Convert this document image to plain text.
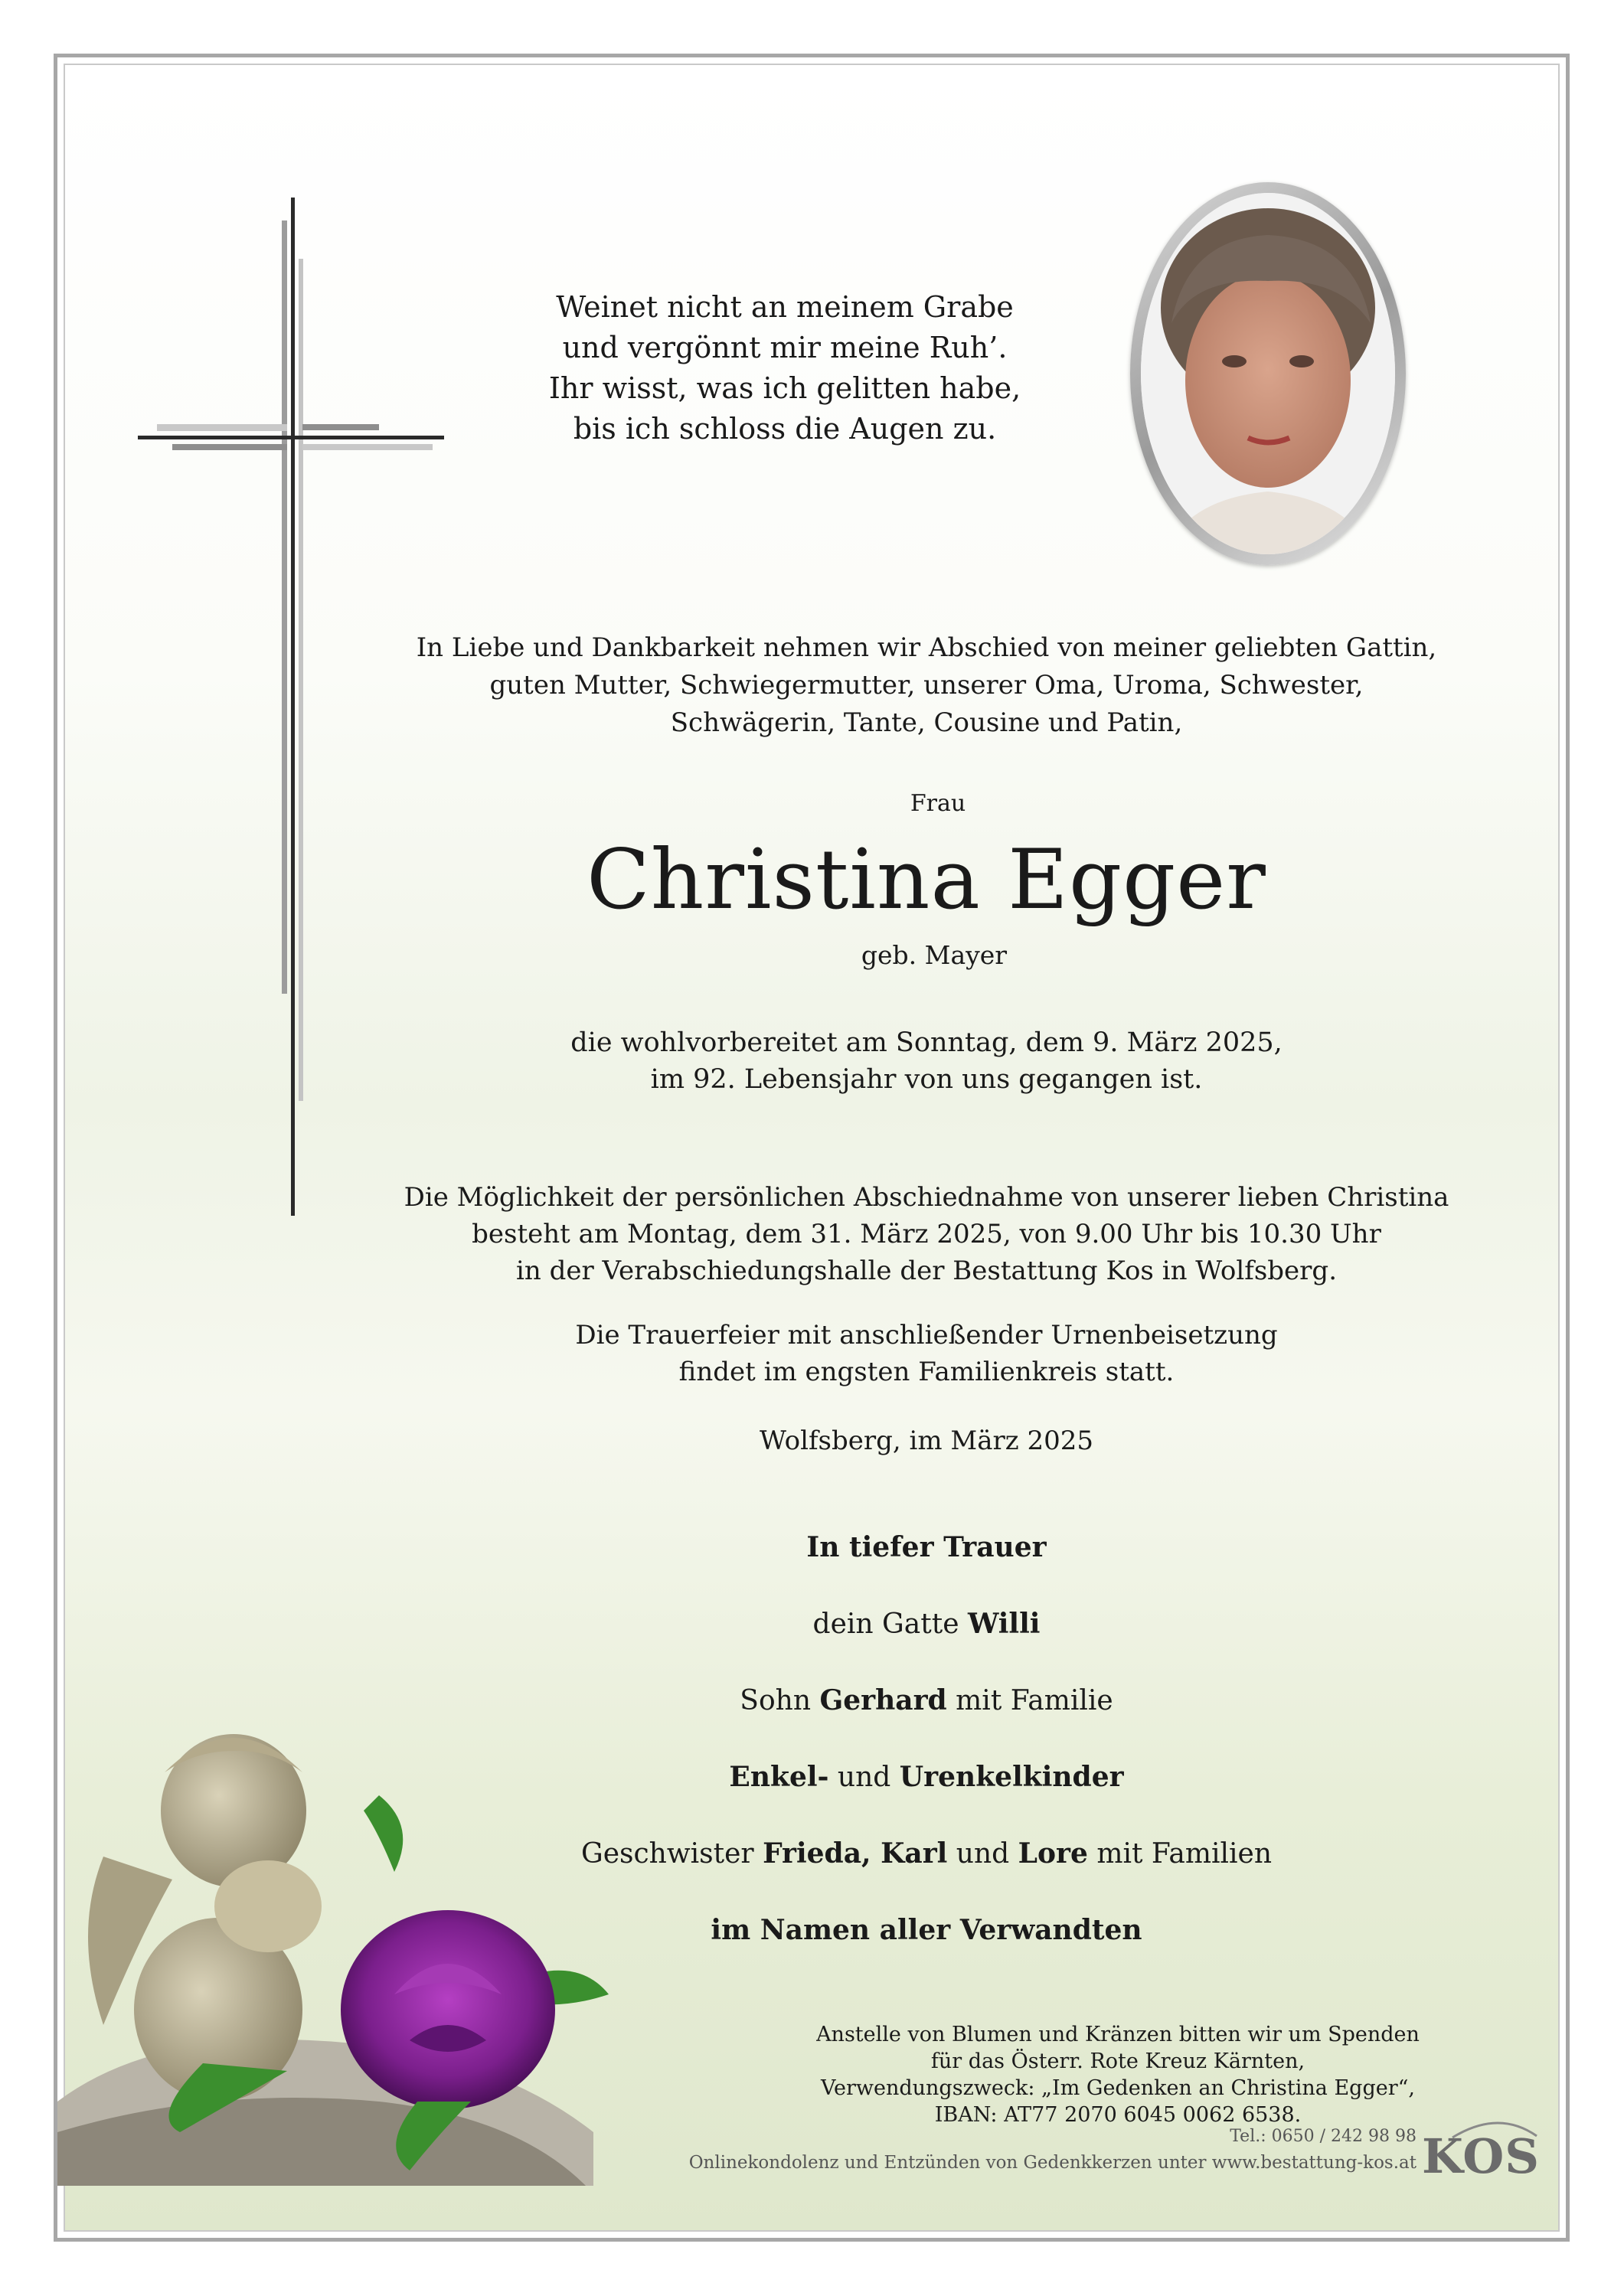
Weinet nicht an meinem Grabe
und vergönnt mir meine Ruh’.
Ihr wisst, was ich gelitten habe,
bis ich schloss die Augen zu.
In Liebe und Dankbarkeit nehmen wir Abschied von meiner geliebten Gattin,
guten Mutter, Schwiegermutter, unserer Oma, Uroma, Schwester,
Schwägerin, Tante, Cousine und Patin,
Frau
Christina Egger
geb. Mayer
die wohlvorbereitet am Sonntag, dem 9. März 2025,
im 92. Lebensjahr von uns gegangen ist.
Die Möglichkeit der persönlichen Abschiednahme von unserer lieben Christina
besteht am Montag, dem 31. März 2025, von 9.00 Uhr bis 10.30 Uhr
in der Verabschiedungshalle der Bestattung Kos in Wolfsberg.
Die Trauerfeier mit anschließender Urnenbeisetzung
findet im engsten Familienkreis statt.
Wolfsberg, im März 2025
In tiefer Trauer
dein Gatte Willi
Sohn Gerhard mit Familie
Enkel- und Urenkelkinder
Geschwister Frieda, Karl und Lore mit Familien
im Namen aller Verwandten
Anstelle von Blumen und Kränzen bitten wir um Spenden
für das Österr. Rote Kreuz Kärnten,
Verwendungszweck: „Im Gedenken an Christina Egger“,
IBAN: AT77 2070 6045 0062 6538.
Tel.: 0650 / 242 98 98
Onlinekondolenz und Entzünden von Gedenkkerzen unter www.bestattung-kos.at KOS
